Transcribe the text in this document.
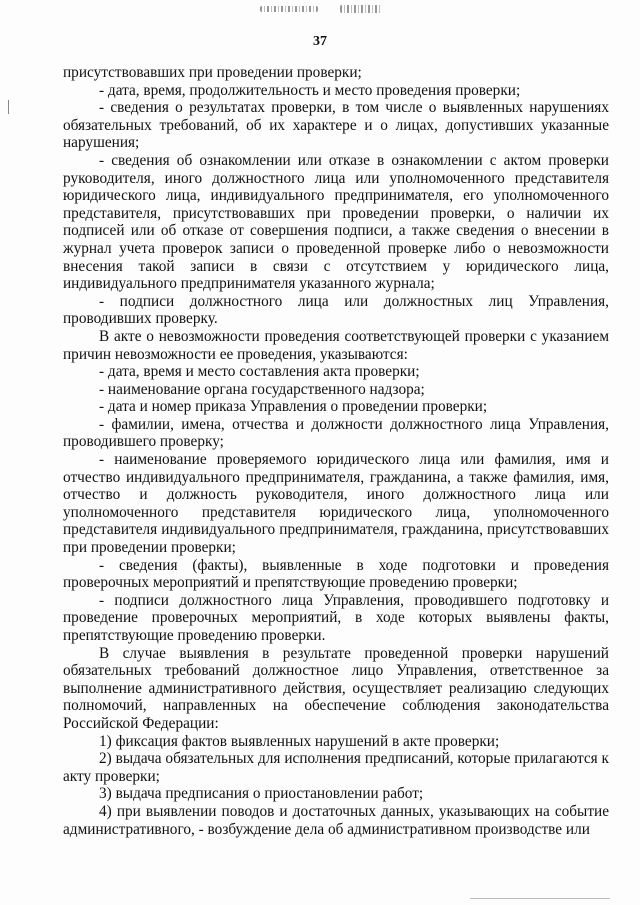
37

присутствовавших при проведении проверки;

- дата, время, продолжительность и место проведения проверки;

- сведения о результатах проверки, в том числе о выявленных нарушениях обязательных требований, об их характере и о лицах, допустивших указанные нарушения;

- сведения об ознакомлении или отказе в ознакомлении с актом проверки руководителя, иного должностного лица или уполномоченного представителя юридического лица, индивидуального предпринимателя, его уполномоченного представителя, присутствовавших при проведении проверки, о наличии их подписей или об отказе от совершения подписи, а также сведения о внесении в журнал учета проверок записи о проведенной проверке либо о невозможности внесения такой записи в связи с отсутствием у юридического лица, индивидуального предпринимателя указанного журнала;

- подписи должностного лица или должностных лиц Управления, проводивших проверку.

В акте о невозможности проведения соответствующей проверки с указанием причин невозможности ее проведения, указываются:

- дата, время и место составления акта проверки;

- наименование органа государственного надзора;

- дата и номер приказа Управления о проведении проверки;

- фамилии, имена, отчества и должности должностного лица Управления, проводившего проверку;

- наименование проверяемого юридического лица или фамилия, имя и отчество индивидуального предпринимателя, гражданина, а также фамилия, имя, отчество и должность руководителя, иного должностного лица или уполномоченного представителя юридического лица, уполномоченного представителя индивидуального предпринимателя, гражданина, присутствовавших при проведении проверки;

- сведения (факты), выявленные в ходе подготовки и проведения проверочных мероприятий и препятствующие проведению проверки;

- подписи должностного лица Управления, проводившего подготовку и проведение проверочных мероприятий, в ходе которых выявлены факты, препятствующие проведению проверки.

В случае выявления в результате проведенной проверки нарушений обязательных требований должностное лицо Управления, ответственное за выполнение административного действия, осуществляет реализацию следующих полномочий, направленных на обеспечение соблюдения законодательства Российской Федерации:

1) фиксация фактов выявленных нарушений в акте проверки;

2) выдача обязательных для исполнения предписаний, которые прилагаются к акту проверки;

3) выдача предписания о приостановлении работ;

4) при выявлении поводов и достаточных данных, указывающих на событие административного, - возбуждение дела об административном производстве или
